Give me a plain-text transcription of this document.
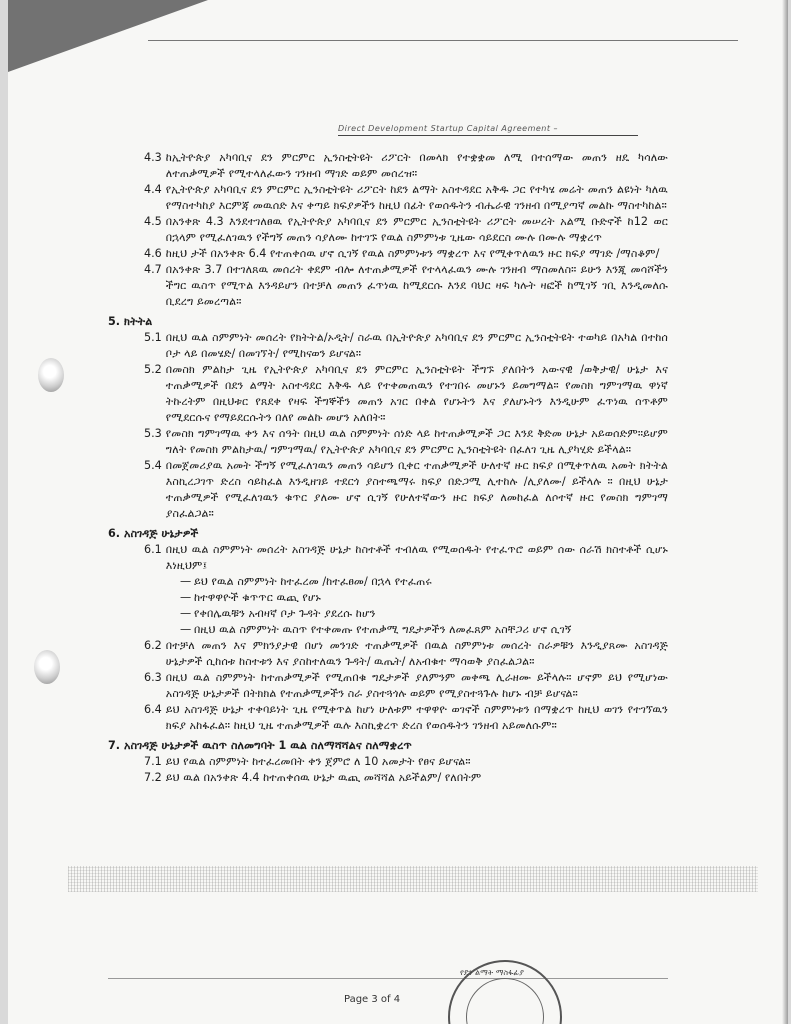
Direct Development Startup Capital Agreement –
4.3 ከኢትዮጵያ አካባቢና ደን ምርምር ኢንስቲትዩት ሪፖርት በመላክ የተቋቋመ ለሚ በተሰማው መጠን ዘዴ ካሳለው ለተጠቃሚዎች የሚተላለፈውን ገንዘብ ማገድ ወይም መሰረዝ።
4.4 የኢትዮጵያ አካባቢና ደን ምርምር ኢንስቲትዩት ሪፖርት ከደን ልማት አስተዳደር አቅዱ ጋር የተካሄ መሬት መጠን ልዩነት ካለዉ የማስተካከያ እርምጃ መዉሰድ እና ቀጣይ ክፍያዎችን ከዚህ በፊት የወሰዱትን ብሔራዊ ገንዘብ በሚያጣኛ መልኩ ማስተካከል።
4.5 በአንቀጽ 4.3 እንደተገለፀዉ የኢትዮጵያ አካባቢና ደን ምርምር ኢንስቲትዩት ሪፖርት መሠረት አልሚ ቡድኖች ከ12 ወር በኋላም የሚፈለገዉን የችግኝ መጠን ሳያለሙ ከተገኙ የዉል ስምምነቱ ጊዜው ሳይደርስ ሙሉ በሙሉ ማቋረጥ
4.6 ከዚህ ታች በአንቀጽ 6.4 የተጠቀሰዉ ሆኖ ሲገኝ የዉል ስምምነቱን ማቋረጥ እና የሚቀጥለዉን ዙር ክፍያ ማገድ /ማስቆም/
4.7 በአንቀጽ 3.7 በተገለጸዉ መሰረት ቀደም ብሎ ለተጠቃሚዎች የተላላፈዉን ሙሉ ገንዘብ ማስመለስ። ይሁን እንጂ መሳሾችን ችግር ዉስጥ የሚጥል እንዳይሆን በተቻለ መጠን ፈጥነዉ ከሚደርሱ እንደ ባህር ዛፍ ካሉት ዛፎች ከሚገኝ ገቢ እንዲመለሱ ቢደረግ ይመረጣል።
5. ክትትል
5.1 በዚህ ዉል ስምምነት መሰረት የክትትል/ኦዲት/ ስራዉ በኢትዮጵያ አካባቢና ደን ምርምር ኢንስቲትዩት ተወካይ በአካል በተከሰ ቦታ ላይ በመሄድ/ በመገኘት/ የሚከናወን ይሆናል።
5.2 በመስክ ምልከታ ጊዜ የኢትዮጵያ አካባቢና ደን ምርምር ኢንስቲትዩት ችግኙ ያለበትን አውናዊ /ወቅታዊ/ ሁኔታ እና ተጠቃሚዎች በደን ልማት አስተዳደር እቅዱ ላይ የተቀመጠዉን የተገበሩ መሆኑን ይመግማል። የመስክ ግምገማዉ ዋነኛ ትኩረትም በዚህቱር የጸደቀ የዛፍ ችግኞችን መጠን አገር በቀል የሆኑትን እና ያለሆኑትን እንዲሁም ፈጥነዉ ሰጥቶም የሚደርሱና የማይደርሱትን በለየ መልኩ መሆን አለበት።
5.3 የመስክ ግምገማዉ ቀን እና ሰዓት በዚህ ዉል ስምምነት ሰነድ ላይ ከተጠቃሚዎች ጋር እንደ ቅድመ ሁኔታ አይወሰድም።ይሆም ግለት የመስክ ምልከታዉ/ ግምገማዉ/ የኢትዮጵያ አካባቢና ደን ምርምር ኢንስቲትዩት በፈለገ ጊዜ ሊያካሂድ ይችላል።
5.4 በመጀመሪያዉ አመት ችግኝ የሚፈለገዉን መጠን ሳይሆን ቢቀር ተጠቃሚዎች ሁለተኛ ዙር ክፍያ በሚቀጥለዉ አመት ክትትል እስኪረጋገጥ ድረስ ሳይከፈል እንዲዘገይ ተደርጎ ያስተጫማሩ ክፍያ በድጋሚ ሊተከሉ /ሊያለሙ/ ይችላሉ ። በዚህ ሁኔታ ተጠቃሚዎች የሚፈለገዉን ቁጥር ያለሙ ሆኖ ሲገኝ የሁለተኛውን ዙር ክፍያ ለመከፈል ለሶተኛ ዙር የመስክ ግምገማ ያስፈልጋል።
6. አስገዳጅ ሁኔታዎች
6.1 በዚህ ዉል ስምምነት መሰረት አስገዳጅ ሁኔታ ከስተቶች ተብለዉ የሚወሰዱት የተፈጥሮ ወይም ሰው ሰራሽ ክስተቶች ሲሆኑ እነዚህም፤
— ይህ የዉል ስምምነት ከተፈረመ /ከተፈፀመ/ በኋላ የተፈጠሩ
— ከተዋዋዮች ቁጥጥር ዉጪ የሆኑ
— የቀበሌዉቹን አብዛኛ ቦታ ጉዳት ያደረሱ ከሆን
— በዚህ ዉል ስምምነት ዉስጥ የተቀመጡ የተጠቃሚ ግዴታዎችን ለመፈጸም አስቸጋሪ ሆኖ ሲገኝ
6.2 በተቻለ መጠን እና ምክንያታዊ በሆነ መንገድ ተጠቃሚዎች በዉል ስምምነቱ መሰረት ስራዎቹን እንዲያጸሙ አስገዳጅ ሁኔታዎች ሲከሰቱ ከስተቱን እና ያስከተለዉን ጉዳት/ ዉጤት/ ለአብቁተ ማሳወቅ ያስፈልጋል።
6.3 በዚህ ዉል ስምምነት ከተጠቃሚዎች የሚጠበቁ ግዴታዎች ያለምንም መቀጫ ሊራዘሙ ይችላሉ። ሆኖም ይህ የሚሆነው አስገዳጅ ሁኔታዎች በትክክል የተጠቃሚዎችን ስራ ያስተጓጎሉ ወይም የሚያስተጓጉሉ ከሆኑ ብቻ ይሆናል።
6.4 ይህ አስገዳጅ ሁኔታ ተቀባይነት ጊዜ የሚቀጥል ከሆነ ሁለቱም ተዋዋዮ ወገኖች ስምምነቱን በማቋረጥ ከዚህ ወገን የተገኘዉን ክፍያ አከፋፈል። ከዚህ ጊዜ ተጠቃሚዎች ዉሉ እስኪቋረጥ ድረስ የወሰዱትን ገንዘብ አይመለሱም።
7. አስገዳጅ ሁኔታዎች ዉስጥ ስለመግባት 1 ዉል ስለማሻሻልና ስለማቋረጥ
7.1 ይህ የዉል ስምምነት ከተፈረመበት ቀን ጀምሮ ለ 10 አመታት የፀና ይሆናል።
7.2 ይህ ዉል በአንቀጽ 4.4 ከተጠቀሰዉ ሁኔታ ዉጪ መሻሻል አይችልም/ የለበትም
Page 3 of 4
የደን ልማት ማስፋፊያ
